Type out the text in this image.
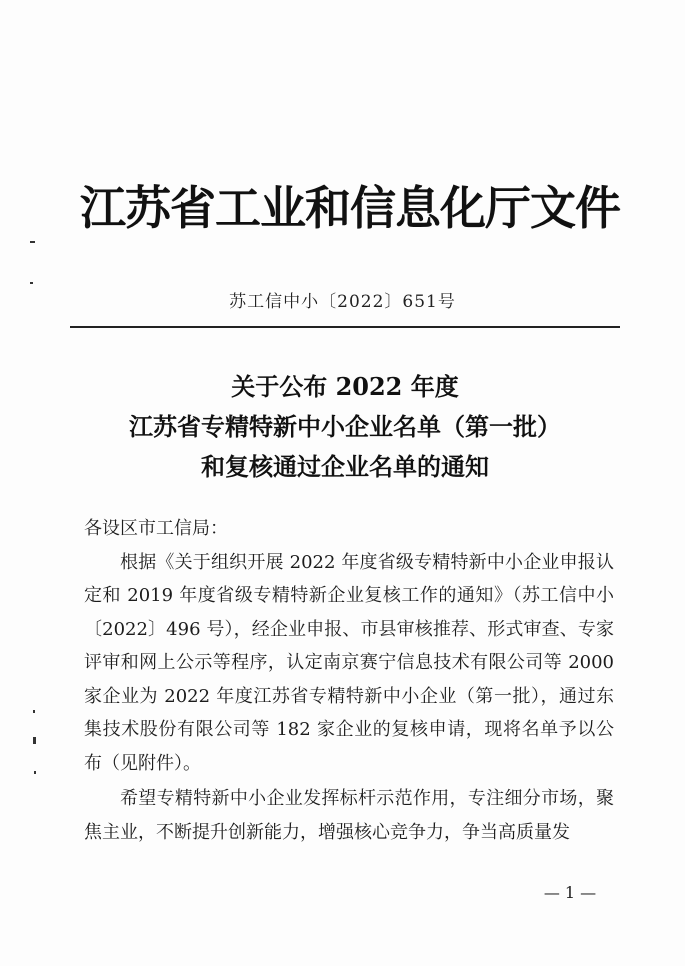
江苏省工业和信息化厅文件
苏工信中小〔2022〕651号
关于公布 2022 年度
江苏省专精特新中小企业名单（第一批）
和复核通过企业名单的通知
各设区市工信局：

根据《关于组织开展 2022 年度省级专精特新中小企业申报认定和 2019 年度省级专精特新企业复核工作的通知》（苏工信中小〔2022〕496 号），经企业申报、市县审核推荐、形式审查、专家评审和网上公示等程序，认定南京赛宁信息技术有限公司等 2000 家企业为 2022 年度江苏省专精特新中小企业（第一批），通过东集技术股份有限公司等 182 家企业的复核申请，现将名单予以公布（见附件）。

希望专精特新中小企业发挥标杆示范作用，专注细分市场，聚焦主业，不断提升创新能力，增强核心竞争力，争当高质量发

— 1 —
